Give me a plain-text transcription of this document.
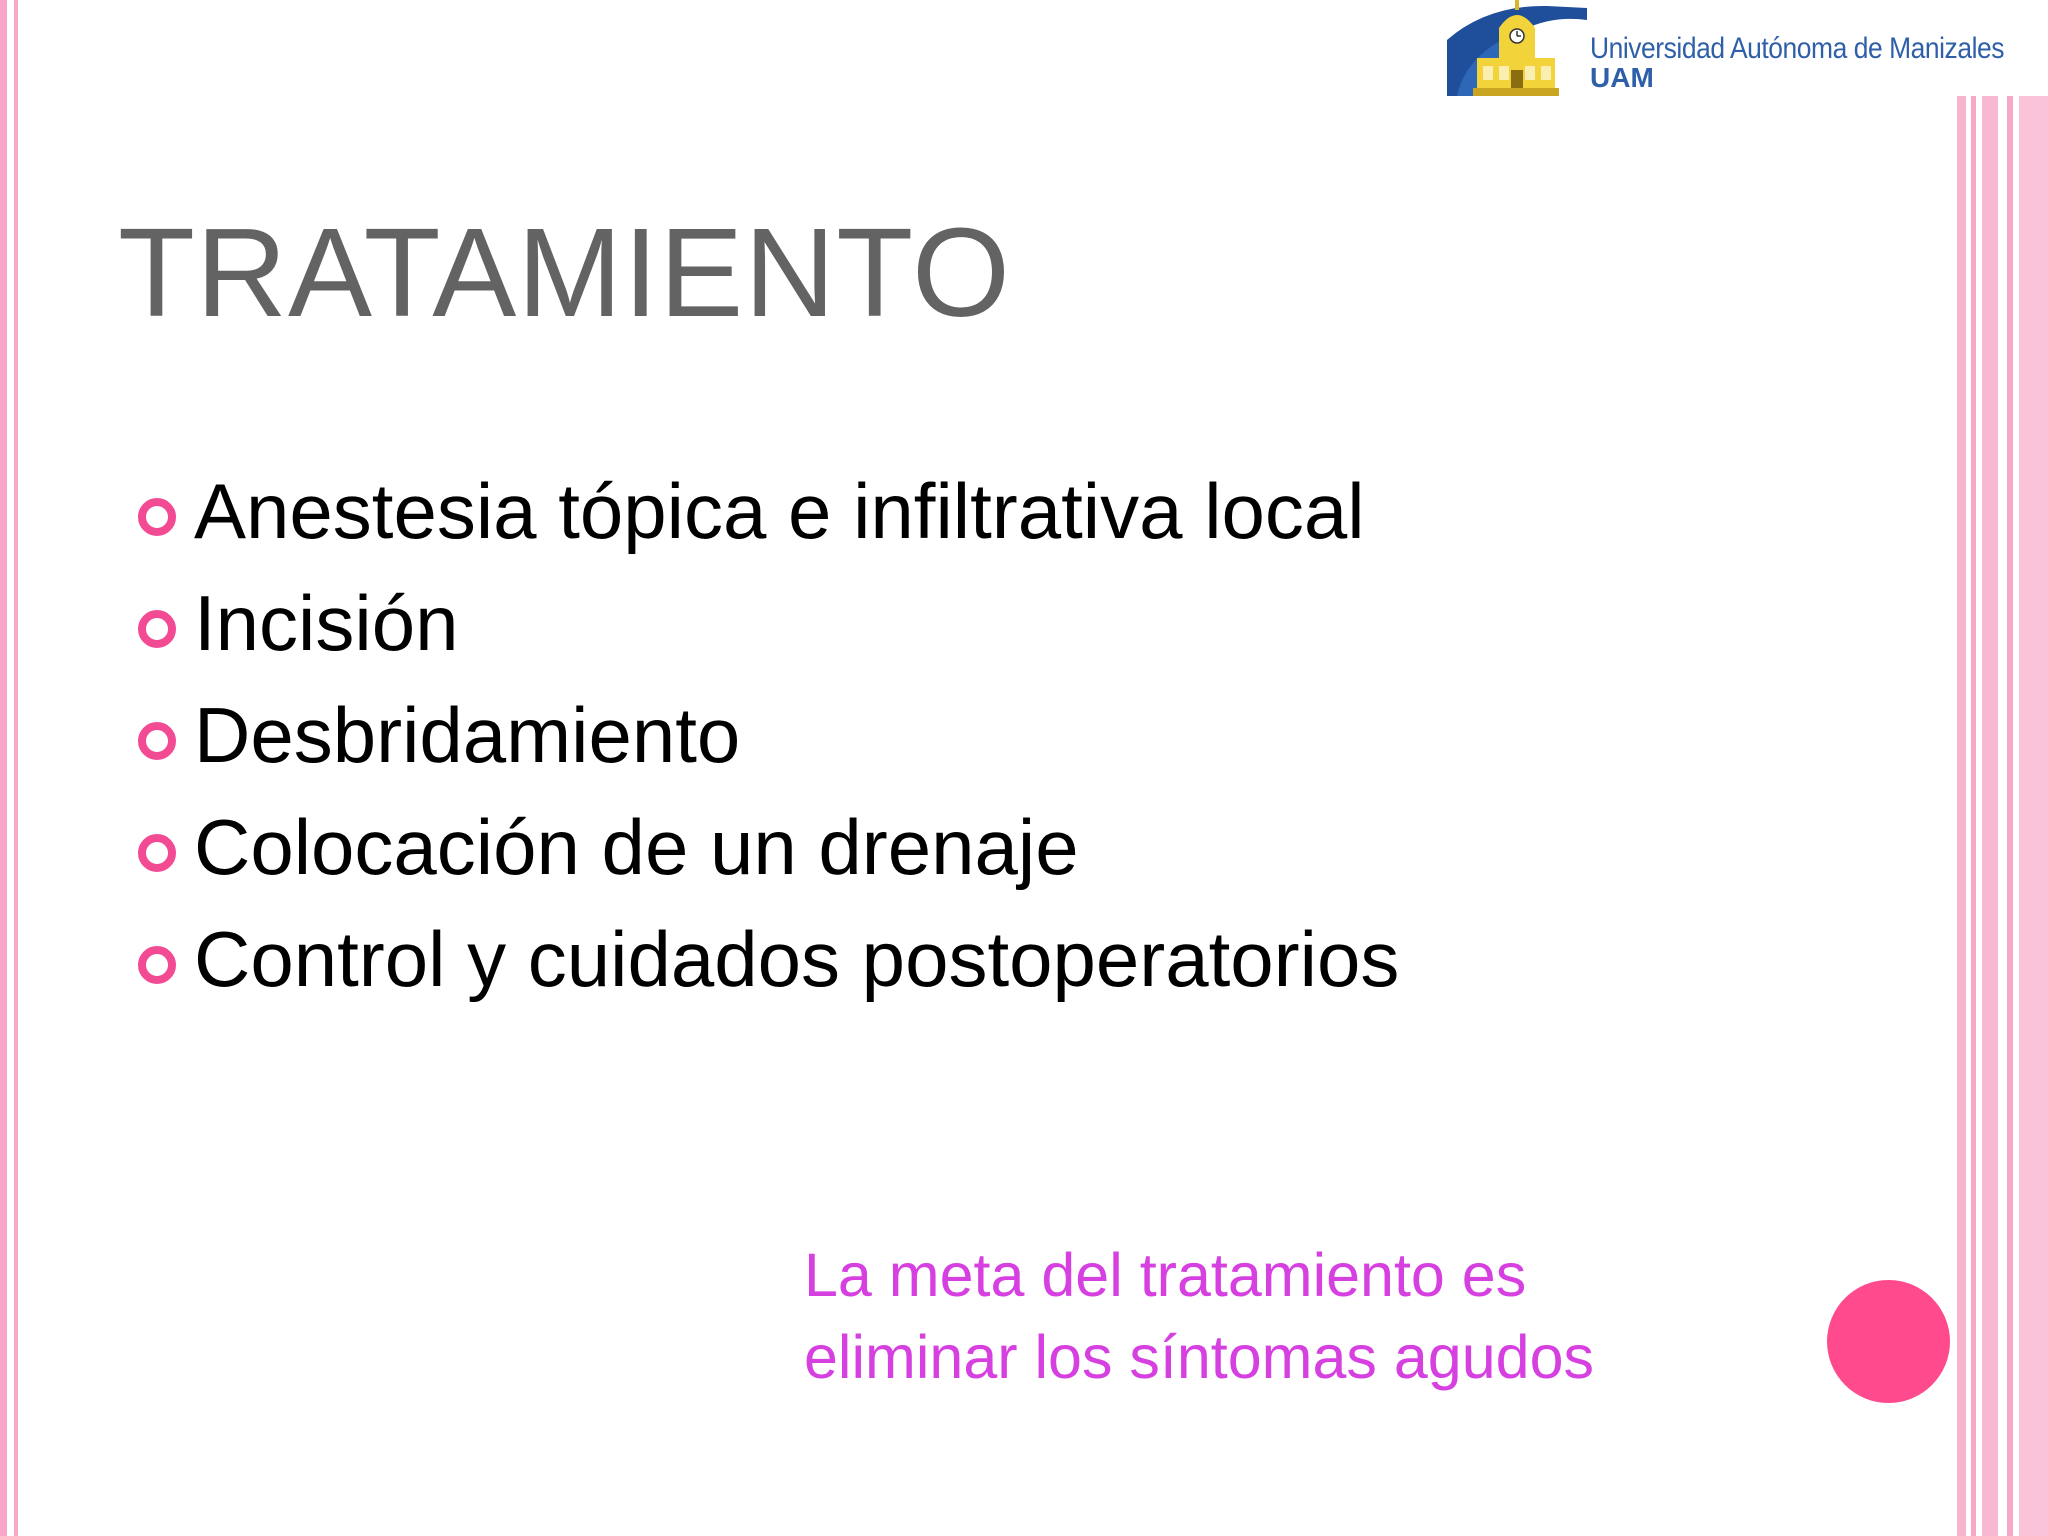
Universidad Autónoma de Manizales
UAM
TRATAMIENTO
Anestesia tópica e infiltrativa local
Incisión
Desbridamiento
Colocación de un drenaje
Control y cuidados postoperatorios
La meta del tratamiento es
eliminar los síntomas agudos
